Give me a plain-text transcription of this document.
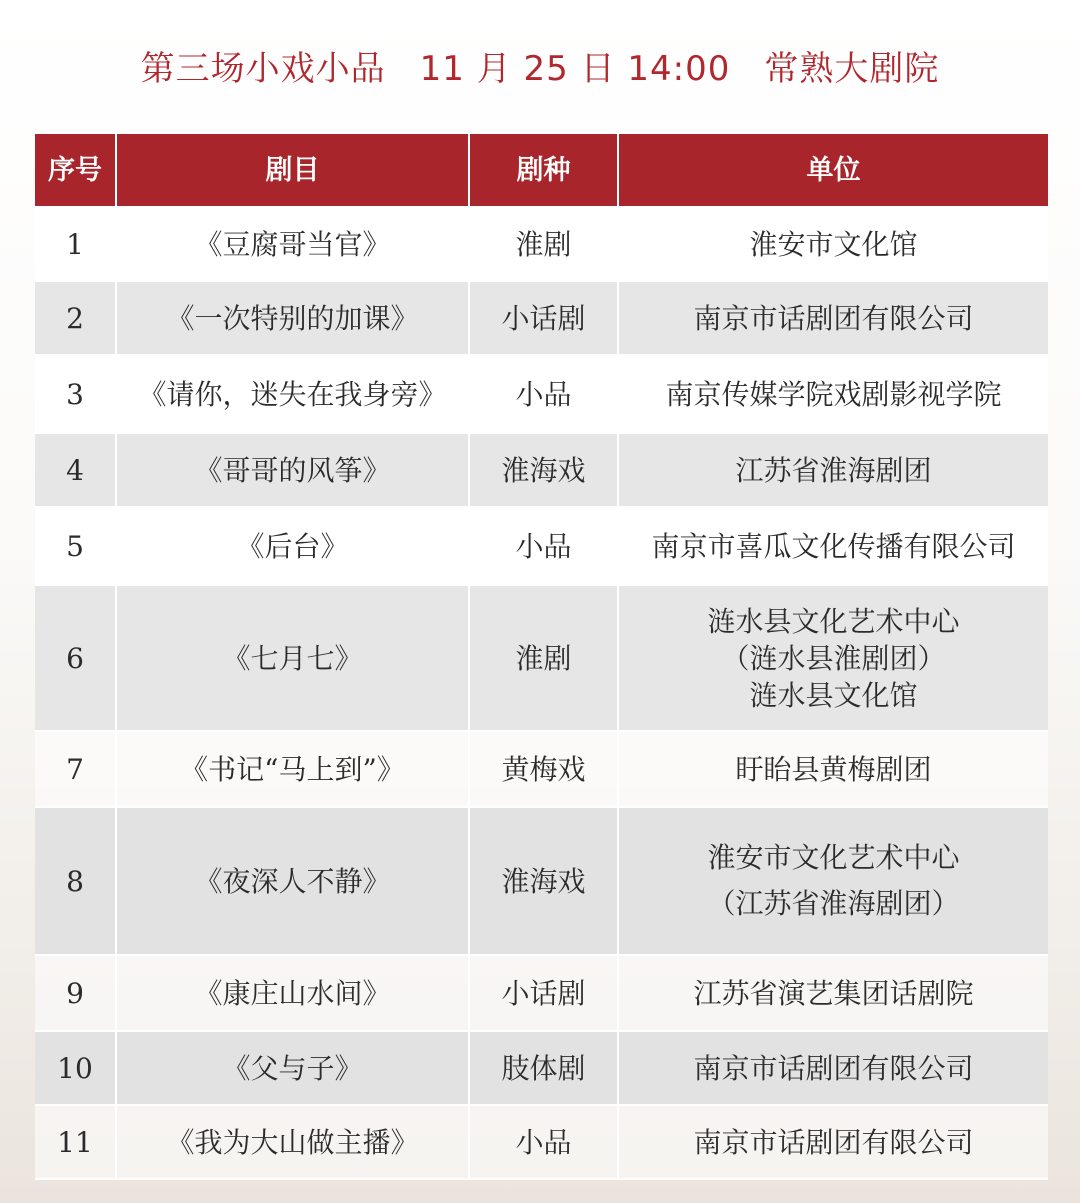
第三场小戏小品 11 月 25 日 14:00 常熟大剧院
序号	剧目	剧种	单位
1	《豆腐哥当官》	淮剧	淮安市文化馆
2	《一次特别的加课》	小话剧	南京市话剧团有限公司
3	《请你，迷失在我身旁》	小品	南京传媒学院戏剧影视学院
4	《哥哥的风筝》	淮海戏	江苏省淮海剧团
5	《后台》	小品	南京市喜瓜文化传播有限公司
6	《七月七》	淮剧
涟水县文化艺术中心
（涟水县淮剧团）
涟水县文化馆
7	《书记“马上到”》	黄梅戏	盱眙县黄梅剧团
8	《夜深人不静》	淮海戏
淮安市文化艺术中心
（江苏省淮海剧团）
9	《康庄山水间》	小话剧	江苏省演艺集团话剧院
10	《父与子》	肢体剧	南京市话剧团有限公司
11	《我为大山做主播》	小品	南京市话剧团有限公司
